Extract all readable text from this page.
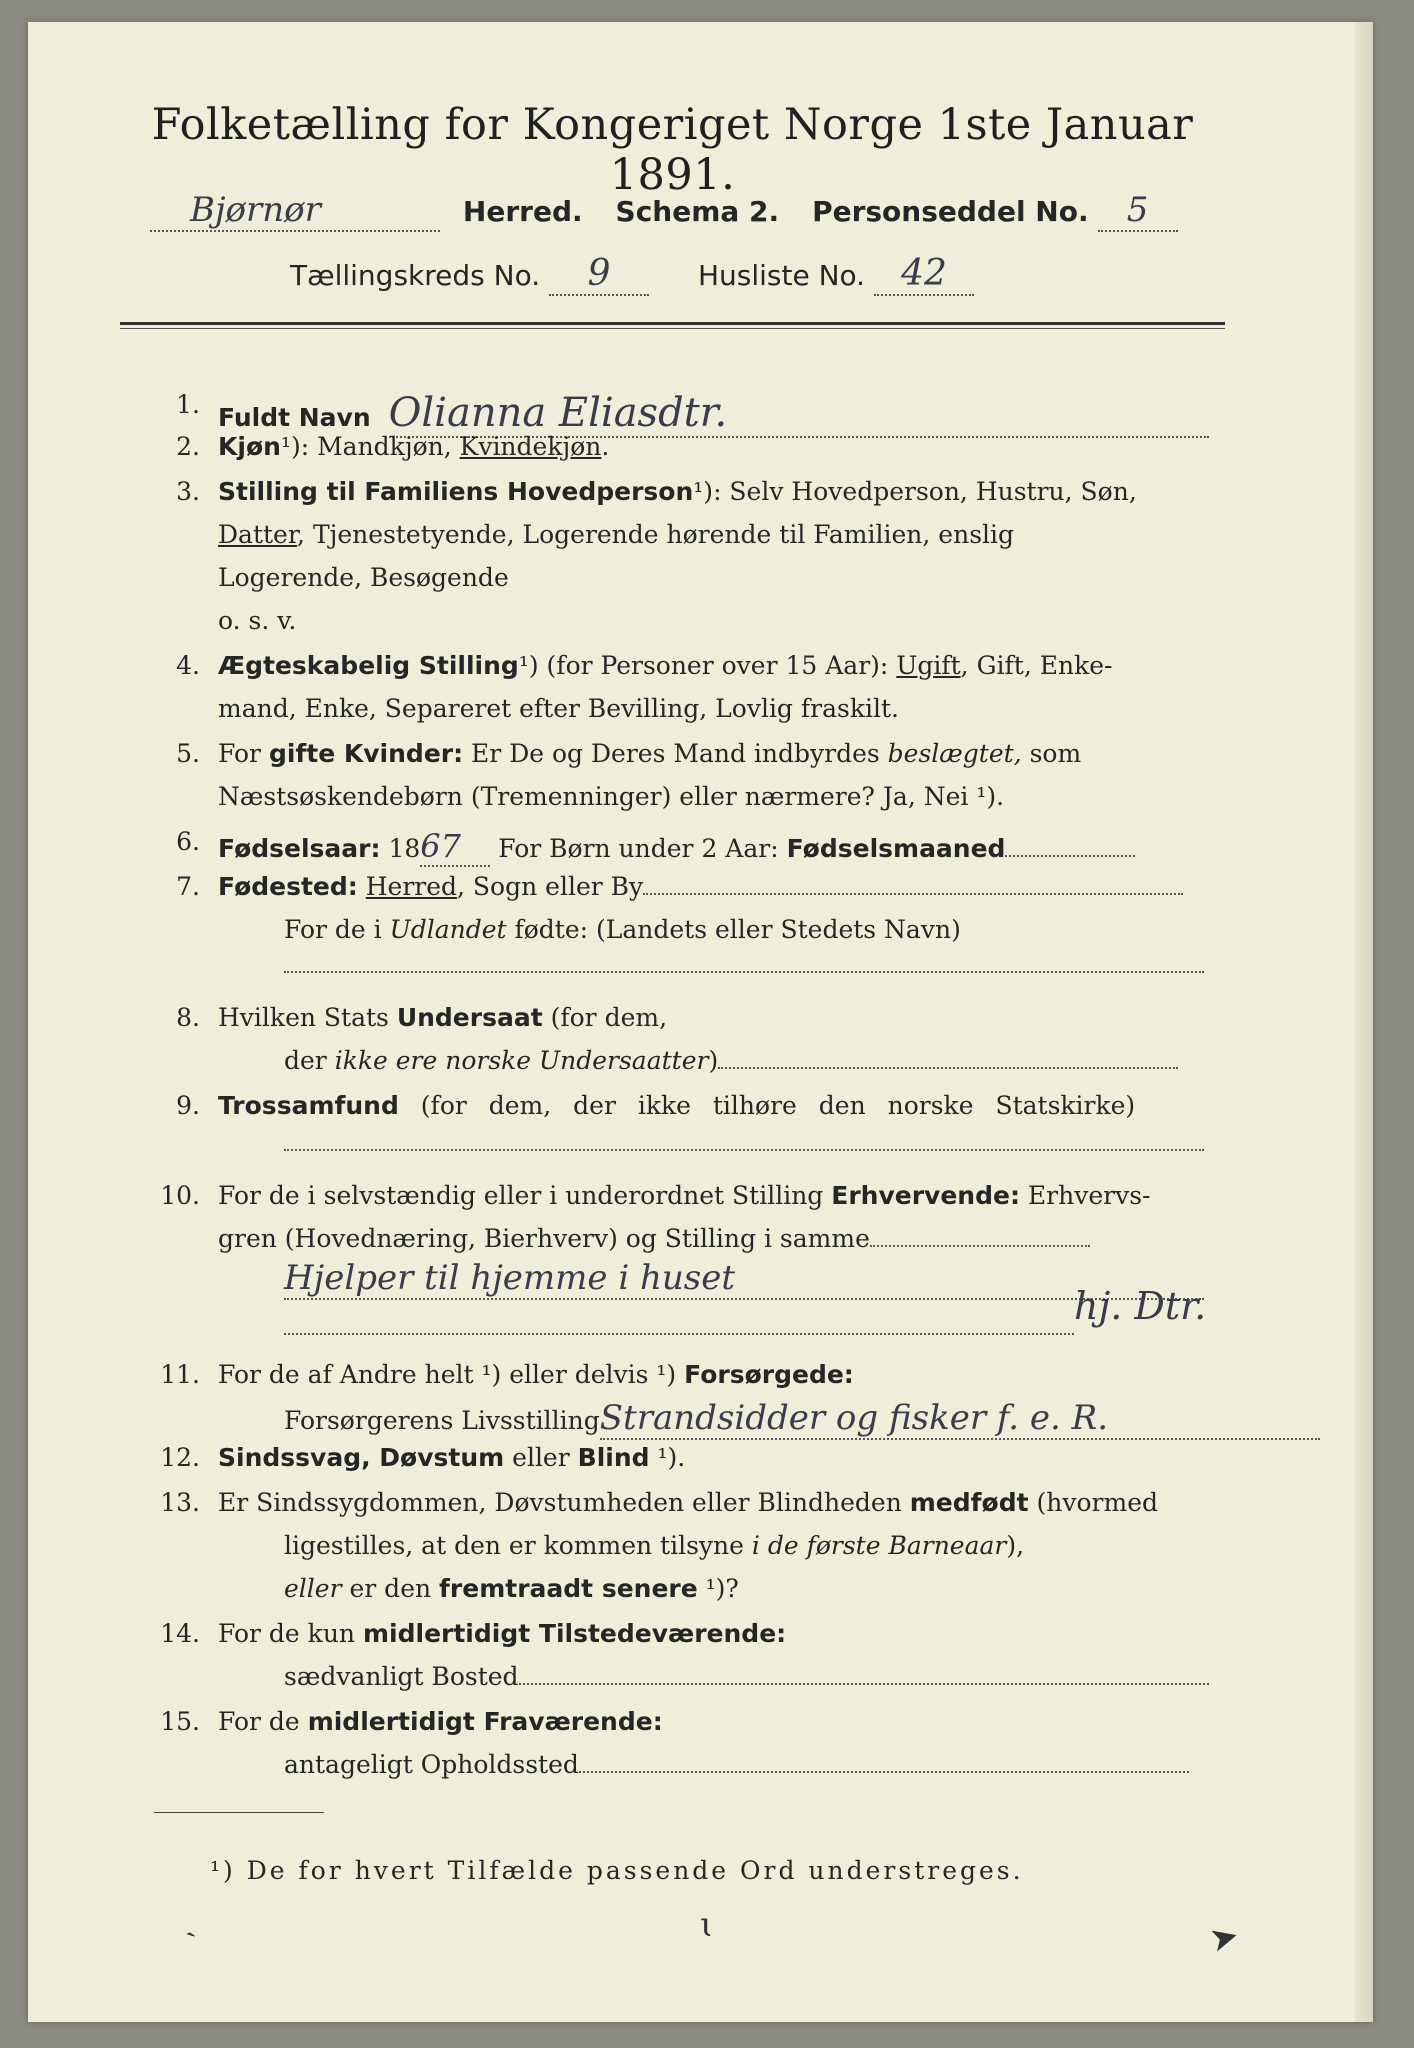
Folketælling for Kongeriget Norge 1ste Januar 1891.
Bjørnør	Herred. Schema 2. Personseddel No. 5
Tællingskreds No. 9	Husliste No. 42
1. Fuldt Navn Olianna Eliasdtr.
2. Kjøn¹): Mandkjøn, Kvindekjøn.
3. Stilling til Familiens Hovedperson¹): Selv Hovedperson, Hustru, Søn,
Datter, Tjenestetyende, Logerende hørende til Familien, enslig
Logerende, Besøgende
o. s. v.
4. Ægteskabelig Stilling¹) (for Personer over 15 Aar): Ugift, Gift, Enke-
mand, Enke, Separeret efter Bevilling, Lovlig fraskilt.
5. For gifte Kvinder: Er De og Deres Mand indbyrdes beslægtet, som
Næstsøskendebørn (Tremenninger) eller nærmere? Ja, Nei ¹).
6. Fødselsaar: 1867 For Børn under 2 Aar: Fødselsmaaned
7. Fødested: Herred, Sogn eller By
For de i Udlandet fødte: (Landets eller Stedets Navn)
8. Hvilken Stats Undersaat (for dem,
der ikke ere norske Undersaatter)
9. Trossamfund (for dem, der ikke tilhøre den norske Statskirke)
10. For de i selvstændig eller i underordnet Stilling Erhvervende: Erhvervs-
gren (Hovednæring, Bierhverv) og Stilling i samme
Hjelper til hjemme i huset
hj. Dtr.
11. For de af Andre helt ¹) eller delvis ¹) Forsørgede:
Forsørgerens LivsstillingStrandsidder og fisker f. e. R.
12. Sindssvag, Døvstum eller Blind ¹).
13. Er Sindssygdommen, Døvstumheden eller Blindheden medfødt (hvormed
ligestilles, at den er kommen tilsyne i de første Barneaar),
eller er den fremtraadt senere ¹)?
14. For de kun midlertidigt Tilstedeværende:
sædvanligt Bosted
15. For de midlertidigt Fraværende:
antageligt Opholdssted
¹) De for hvert Tilfælde passende Ord understreges.
ˎ	ɩ	➤
